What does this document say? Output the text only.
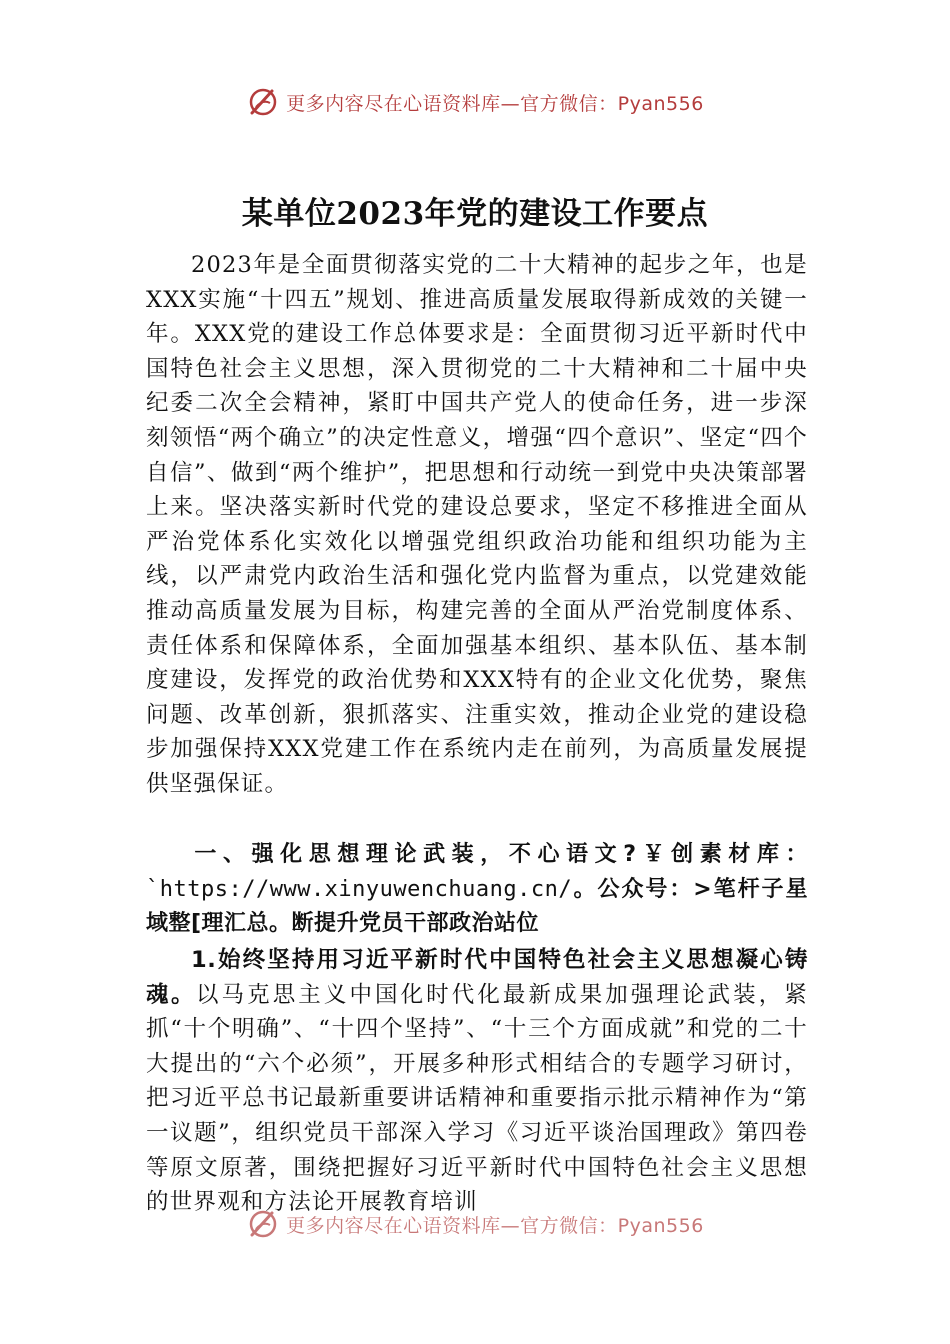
更多内容尽在心语资料库—官方微信：Pyan556
某单位2023年党的建设工作要点

2023年是全面贯彻落实党的二十大精神的起步之年，也是XXX实施“十四五”规划、推进高质量发展取得新成效的关键一年。XXX党的建设工作总体要求是：全面贯彻习近平新时代中国特色社会主义思想，深入贯彻党的二十大精神和二十届中央纪委二次全会精神，紧盯中国共产党人的使命任务，进一步深刻领悟“两个确立”的决定性意义，增强“四个意识”、坚定“四个自信”、做到“两个维护”，把思想和行动统一到党中央决策部署上来。坚决落实新时代党的建设总要求，坚定不移推进全面从严治党体系化实效化以增强党组织政治功能和组织功能为主线，以严肃党内政治生活和强化党内监督为重点，以党建效能推动高质量发展为目标，构建完善的全面从严治党制度体系、责任体系和保障体系，全面加强基本组织、基本队伍、基本制度建设，发挥党的政治优势和XXX特有的企业文化优势，聚焦问题、改革创新，狠抓落实、注重实效，推动企业党的建设稳步加强保持XXX党建工作在系统内走在前列，为高质量发展提供坚强保证。

一、强化思想理论武装，不心语文?￥创素材库：`https://www.xinyuwenchuang.cn/。公众号：>笔杆子星域整[理汇总。断提升党员干部政治站位

1.始终坚持用习近平新时代中国特色社会主义思想凝心铸魂。以马克思主义中国化时代化最新成果加强理论武装，紧抓“十个明确”、“十四个坚持”、“十三个方面成就”和党的二十大提出的“六个必须”，开展多种形式相结合的专题学习研讨，把习近平总书记最新重要讲话精神和重要指示批示精神作为“第一议题”，组织党员干部深入学习《习近平谈治国理政》第四卷等原文原著，围绕把握好习近平新时代中国特色社会主义思想的世界观和方法论开展教育培训

更多内容尽在心语资料库—官方微信：Pyan556
